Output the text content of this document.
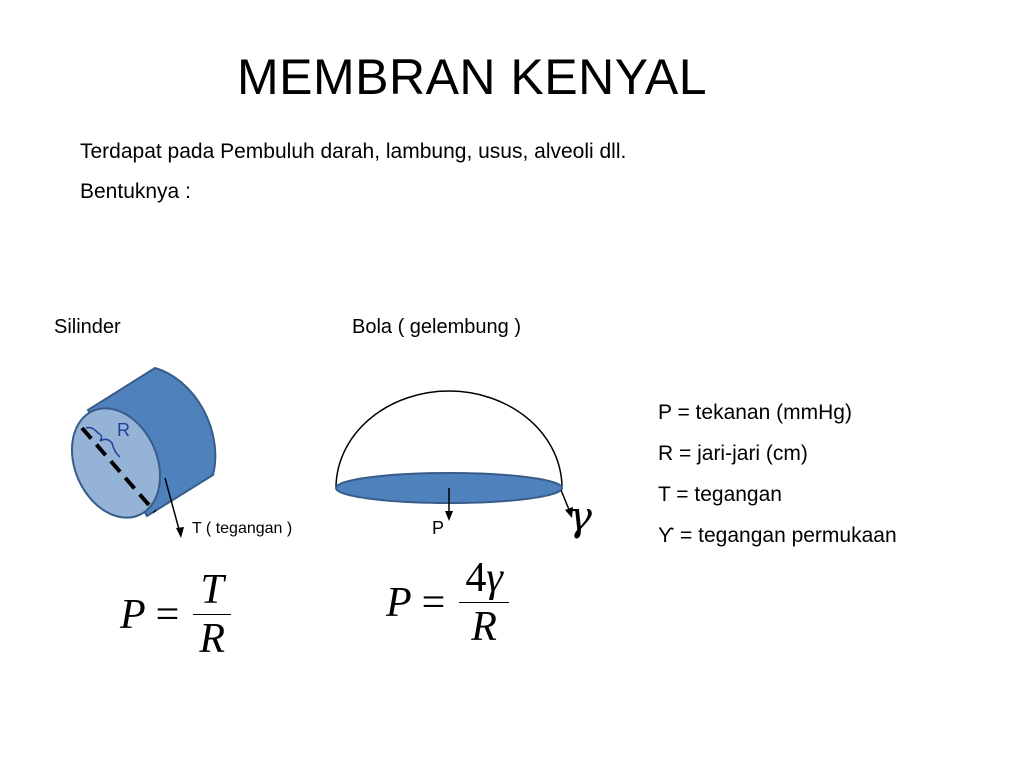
MEMBRAN KENYAL
Terdapat pada Pembuluh darah, lambung, usus, alveoli dll.
Bentuknya :
Silinder	Bola ( gelembung )
R
T ( tegangan )	P	γ
P = tekanan (mmHg)
R = jari-jari (cm)
T = tegangan
ϒ = tegangan permukaan
$P = \frac{T}{R}$	$P = \frac{4\gamma}{R}$
